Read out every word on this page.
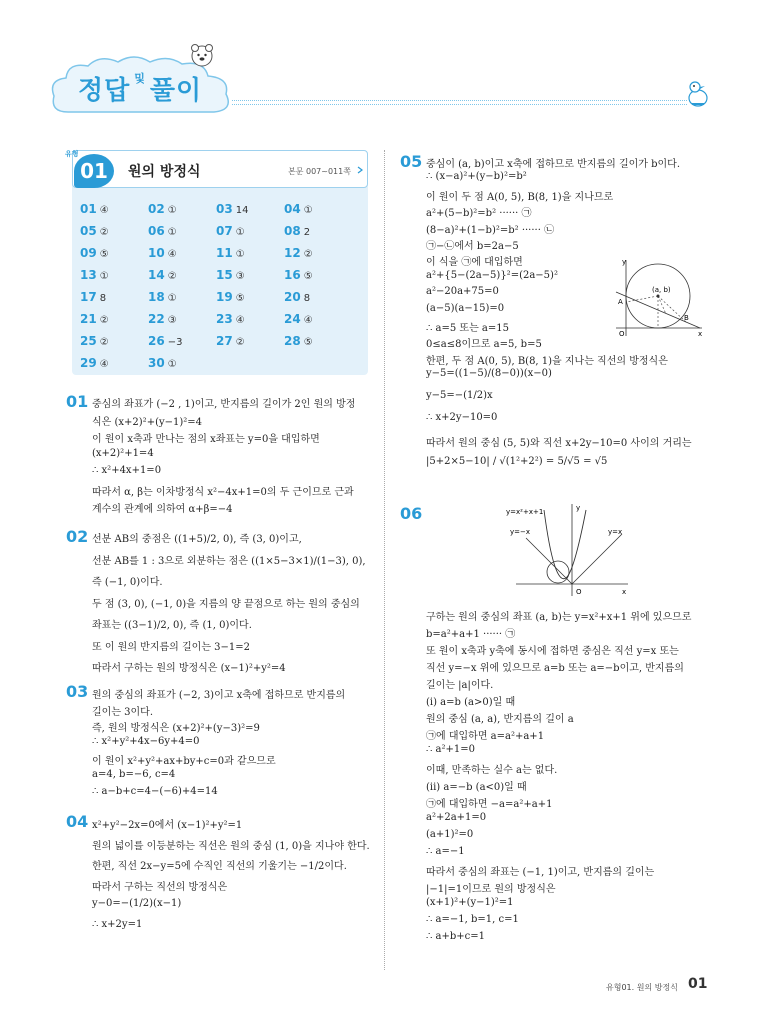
정답 $^및$ 풀이
01
유형
원의 방정식	본문 007~011쪽
01 ④	02 ①	03 14	04 ①
05 ②	06 ①	07 ①	08 2
09 ⑤	10 ④	11 ①	12 ②
13 ①	14 ②	15 ③	16 ⑤
17 8	18 ①	19 ⑤	20 8
21 ②	22 ③	23 ④	24 ④
25 ②	26 −3	27 ②	28 ⑤
29 ④	30 ①
01 중심의 좌표가 (−2 , 1)이고, 반지름의 길이가 2인 원의 방정
식은 (x+2)²+(y−1)²=4
이 원이 x축과 만나는 점의 x좌표는 y=0을 대입하면
(x+2)²+1=4
∴ x²+4x+1=0
따라서 α, β는 이차방정식 x²−4x+1=0의 두 근이므로 근과
계수의 관계에 의하여 α+β=−4
02 선분 AB의 중점은 ((1+5)/2, 0), 즉 (3, 0)이고,
선분 AB를 1 : 3으로 외분하는 점은 ((1×5−3×1)/(1−3), 0),
즉 (−1, 0)이다.
두 점 (3, 0), (−1, 0)을 지름의 양 끝점으로 하는 원의 중심의
좌표는 ((3−1)/2, 0), 즉 (1, 0)이다.
또 이 원의 반지름의 길이는 3−1=2
따라서 구하는 원의 방정식은 (x−1)²+y²=4
03 원의 중심의 좌표가 (−2, 3)이고 x축에 접하므로 반지름의
길이는 3이다.
즉, 원의 방정식은 (x+2)²+(y−3)²=9
∴ x²+y²+4x−6y+4=0
이 원이 x²+y²+ax+by+c=0과 같으므로
a=4, b=−6, c=4
∴ a−b+c=4−(−6)+4=14
04 x²+y²−2x=0에서 (x−1)²+y²=1
원의 넓이를 이등분하는 직선은 원의 중심 (1, 0)을 지나야 한다.
한편, 직선 2x−y=5에 수직인 직선의 기울기는 −1/2이다.
따라서 구하는 직선의 방정식은
y−0=−(1/2)(x−1)
∴ x+2y=1
05 중심이 (a, b)이고 x축에 접하므로 반지름의 길이가 b이다.
∴ (x−a)²+(y−b)²=b²
이 원이 두 점 A(0, 5), B(8, 1)을 지나므로
a²+(5−b)²=b² ······ ㉠
(8−a)²+(1−b)²=b² ······ ㉡
㉠−㉡에서 b=2a−5
이 식을 ㉠에 대입하면
a²+{5−(2a−5)}²=(2a−5)²
a²−20a+75=0
(a−5)(a−15)=0
∴ a=5 또는 a=15
0≤a≤8이므로 a=5, b=5
한편, 두 점 A(0, 5), B(8, 1)을 지나는 직선의 방정식은
y−5=((1−5)/(8−0))(x−0)
y−5=−(1/2)x
∴ x+2y−10=0
따라서 원의 중심 (5, 5)와 직선 x+2y−10=0 사이의 거리는
|5+2×5−10| / √(1²+2²) = 5/√5 = √5
y
x
O
A
B
(a, b)
06	y=x²+x+1
y=−x	y=x
y
x
O
구하는 원의 중심의 좌표 (a, b)는 y=x²+x+1 위에 있으므로
b=a²+a+1 ······ ㉠
또 원이 x축과 y축에 동시에 접하면 중심은 직선 y=x 또는
직선 y=−x 위에 있으므로 a=b 또는 a=−b이고, 반지름의
길이는 |a|이다.
(i) a=b (a>0)일 때
원의 중심 (a, a), 반지름의 길이 a
㉠에 대입하면 a=a²+a+1
∴ a²+1=0
이때, 만족하는 실수 a는 없다.
(ii) a=−b (a<0)일 때
㉠에 대입하면 −a=a²+a+1
a²+2a+1=0
(a+1)²=0
∴ a=−1
따라서 중심의 좌표는 (−1, 1)이고, 반지름의 길이는
|−1|=1이므로 원의 방정식은
(x+1)²+(y−1)²=1
∴ a=−1, b=1, c=1
∴ a+b+c=1
유형01. 원의 방정식 01
